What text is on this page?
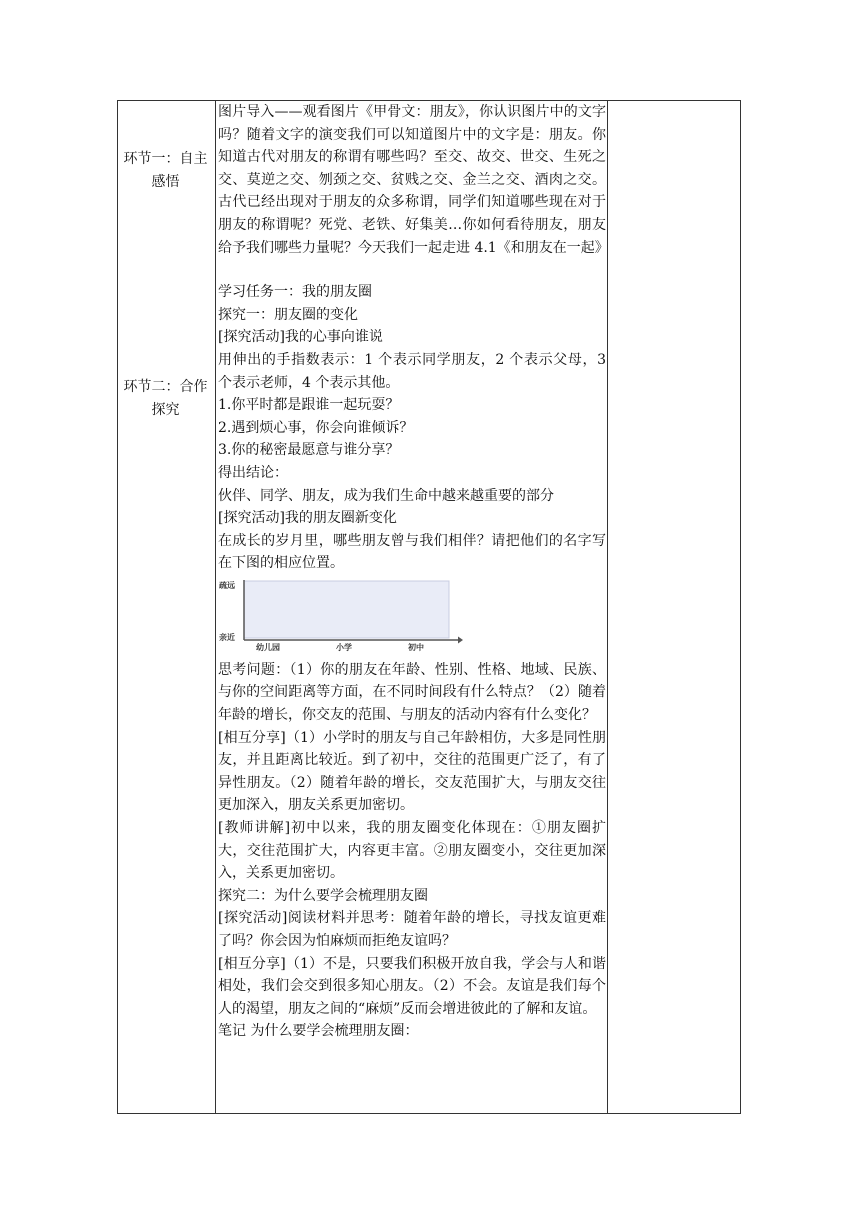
环节一：自主感悟
环节二：合作探究

图片导入——观看图片《甲骨文：朋友》，你认识图片中的文字吗？随着文字的演变我们可以知道图片中的文字是：朋友。你知道古代对朋友的称谓有哪些吗？至交、故交、世交、生死之交、莫逆之交、刎颈之交、贫贱之交、金兰之交、酒肉之交。古代已经出现对于朋友的众多称谓，同学们知道哪些现在对于朋友的称谓呢？死党、老铁、好集美…你如何看待朋友，朋友给予我们哪些力量呢？今天我们一起走进 4.1《和朋友在一起》

学习任务一：我的朋友圈

探究一：朋友圈的变化

[探究活动]我的心事向谁说

用伸出的手指数表示：1 个表示同学朋友，2 个表示父母，3 个表示老师，4 个表示其他。

1.你平时都是跟谁一起玩耍？

2.遇到烦心事，你会向谁倾诉？

3.你的秘密最愿意与谁分享？

得出结论：

伙伴、同学、朋友，成为我们生命中越来越重要的部分

[探究活动]我的朋友圈新变化

在成长的岁月里，哪些朋友曾与我们相伴？请把他们的名字写在下图的相应位置。

疏远
亲近
幼儿园	小学	初中

思考问题：（1）你的朋友在年龄、性别、性格、地域、民族、与你的空间距离等方面，在不同时间段有什么特点？（2）随着年龄的增长，你交友的范围、与朋友的活动内容有什么变化？

[相互分享]（1）小学时的朋友与自己年龄相仿，大多是同性朋友，并且距离比较近。到了初中，交往的范围更广泛了，有了异性朋友。（2）随着年龄的增长，交友范围扩大，与朋友交往更加深入，朋友关系更加密切。

[教师讲解]初中以来，我的朋友圈变化体现在：①朋友圈扩大，交往范围扩大，内容更丰富。②朋友圈变小，交往更加深入，关系更加密切。

探究二：为什么要学会梳理朋友圈

[探究活动]阅读材料并思考：随着年龄的增长，寻找友谊更难了吗？你会因为怕麻烦而拒绝友谊吗？

[相互分享]（1）不是，只要我们积极开放自我，学会与人和谐相处，我们会交到很多知心朋友。（2）不会。友谊是我们每个人的渴望，朋友之间的“麻烦”反而会增进彼此的了解和友谊。

笔记 为什么要学会梳理朋友圈：
